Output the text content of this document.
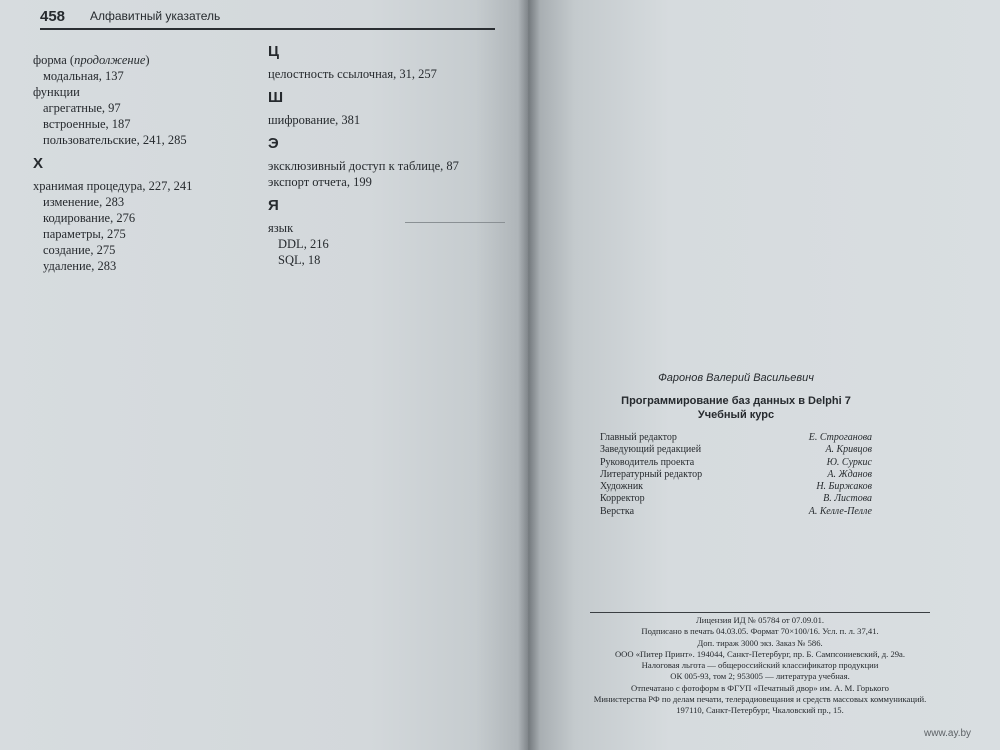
458 Алфавитный указатель
форма (продолжение)
модальная, 137
функции
агрегатные, 97
встроенные, 187
пользовательские, 241, 285
Х
хранимая процедура, 227, 241
изменение, 283
кодирование, 276
параметры, 275
создание, 275
удаление, 283
Ц
целостность ссылочная, 31, 257
Ш
шифрование, 381
Э
эксклюзивный доступ к таблице, 87
экспорт отчета, 199
Я
язык
DDL, 216
SQL, 18
Фаронов Валерий Васильевич
Программирование баз данных в Delphi 7
Учебный курс
Главный редактор	Е. Строганова
Заведующий редакцией	А. Кривцов
Руководитель проекта	Ю. Суркис
Литературный редактор	А. Жданов
Художник	Н. Биржаков
Корректор	В. Листова
Верстка	А. Келле-Пелле
Лицензия ИД № 05784 от 07.09.01.
Подписано в печать 04.03.05. Формат 70×100/16. Усл. п. л. 37,41.
Доп. тираж 3000 экз. Заказ № 586.
ООО «Питер Принт». 194044, Санкт-Петербург, пр. Б. Сампсониевский, д. 29а.
Налоговая льгота — общероссийский классификатор продукции
ОК 005-93, том 2; 953005 — литература учебная.
Отпечатано с фотоформ в ФГУП «Печатный двор» им. А. М. Горького
Министерства РФ по делам печати, телерадиовещания и средств массовых коммуникаций.
197110, Санкт-Петербург, Чкаловский пр., 15.
www.ay.by
